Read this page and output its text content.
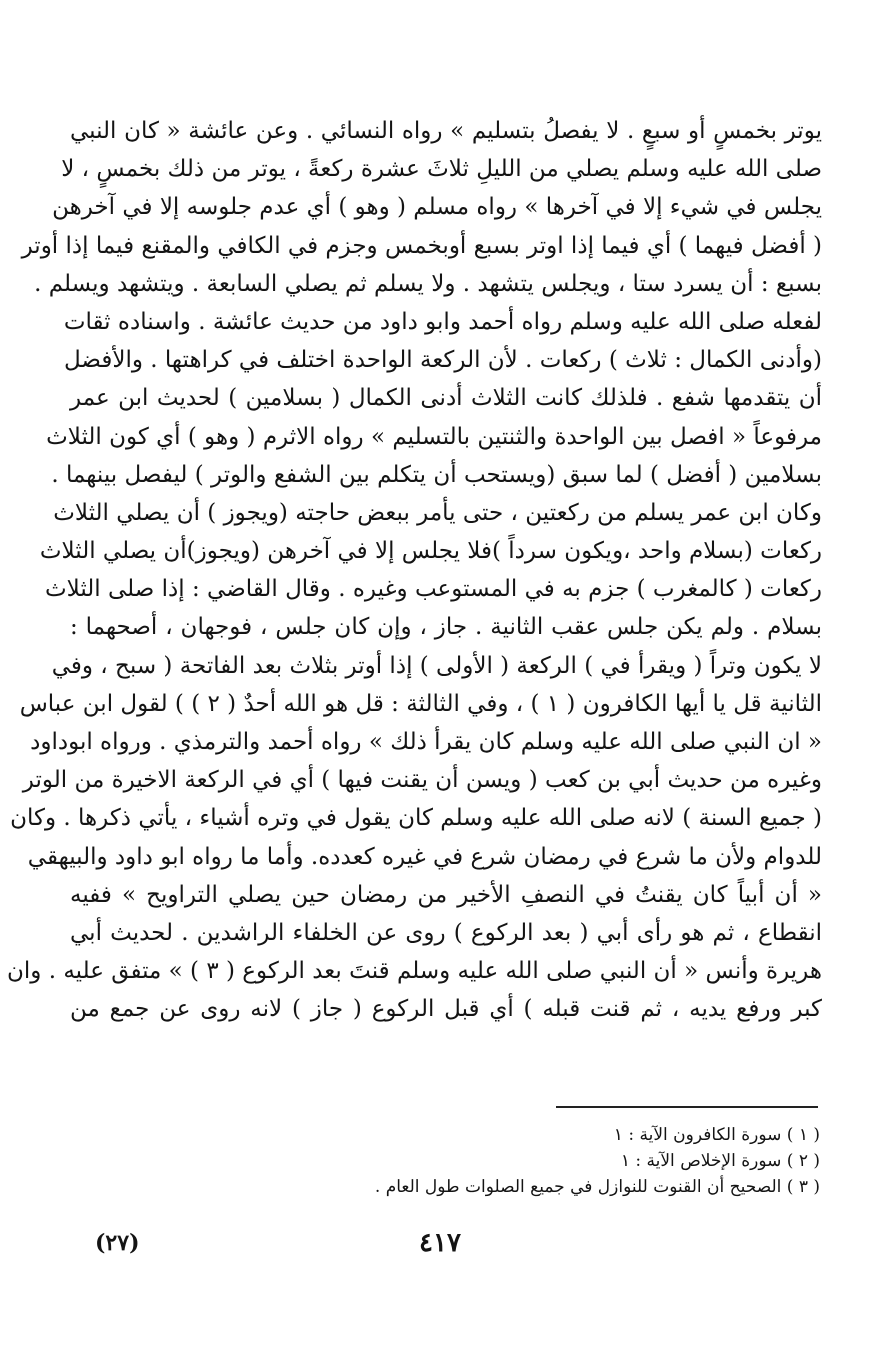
يوتر بخمسٍ أو سبعٍ . لا يفصلُ بتسليم » رواه النسائي . وعن عائشة « كان النبي
صلى الله عليه وسلم يصلي من الليلِ ثلاثَ عشرة ركعةً ، يوتر من ذلك بخمسٍ ، لا
يجلس في شيء إلا في آخرها » رواه مسلم ( وهو ) أي عدم جلوسه إلا في آخرهن
( أفضل فيهما ) أي فيما إذا اوتر بسبع أوبخمس وجزم في الكافي والمقنع فيما إذا أوتر
بسبع : أن يسرد ستا ، ويجلس يتشهد . ولا يسلم ثم يصلي السابعة . ويتشهد ويسلم .
لفعله صلى الله عليه وسلم رواه أحمد وابو داود من حديث عائشة . واسناده ثقات
(وأدنى الكمال : ثلاث ) ركعات . لأن الركعة الواحدة اختلف في كراهتها . والأفضل
أن يتقدمها شفع . فلذلك كانت الثلاث أدنى الكمال ( بسلامين ) لحديث ابن عمر
مرفوعاً « افصل بين الواحدة والثنتين بالتسليم » رواه الاثرم ( وهو ) أي كون الثلاث
بسلامين ( أفضل ) لما سبق (ويستحب أن يتكلم بين الشفع والوتر ) ليفصل بينهما .
وكان ابن عمر يسلم من ركعتين ، حتى يأمر ببعض حاجته (ويجوز ) أن يصلي الثلاث
ركعات (بسلام واحد ،ويكون سرداً )فلا يجلس إلا في آخرهن (ويجوز)أن يصلي الثلاث
ركعات ( كالمغرب ) جزم به في المستوعب وغيره . وقال القاضي : إذا صلى الثلاث
بسلام . ولم يكن جلس عقب الثانية . جاز ، وإن كان جلس ، فوجهان ، أصحهما :
لا يكون وتراً ( ويقرأ في ) الركعة ( الأولى ) إذا أوتر بثلاث بعد الفاتحة ( سبح ، وفي
الثانية قل يا أيها الكافرون ( ١ ) ، وفي الثالثة : قل هو الله أحدٌ ( ٢ ) ) لقول ابن عباس
« ان النبي صلى الله عليه وسلم كان يقرأ ذلك » رواه أحمد والترمذي . ورواه ابوداود
وغيره من حديث أبي بن كعب ( ويسن أن يقنت فيها ) أي في الركعة الاخيرة من الوتر
( جميع السنة ) لانه صلى الله عليه وسلم كان يقول في وتره أشياء ، يأتي ذكرها . وكان
للدوام ولأن ما شرع في رمضان شرع في غيره كعدده. وأما ما رواه ابو داود والبيهقي
« أن أبياً كان يقنتُ في النصفِ الأخير من رمضان حين يصلي التراويح » ففيه
انقطاع ، ثم هو رأى أبي ( بعد الركوع ) روى عن الخلفاء الراشدين . لحديث أبي
هريرة وأنس « أن النبي صلى الله عليه وسلم قنتَ بعد الركوع ( ٣ ) » متفق عليه . وان
كبر ورفع يديه ، ثم قنت قبله ) أي قبل الركوع ( جاز ) لانه روى عن جمع من
( ١ ) سورة الكافرون الآية : ١
( ٢ ) سورة الإخلاص الآية : ١
( ٣ ) الصحيح أن القنوت للنوازل في جميع الصلوات طول العام .
٤١٧
(٢٧)
